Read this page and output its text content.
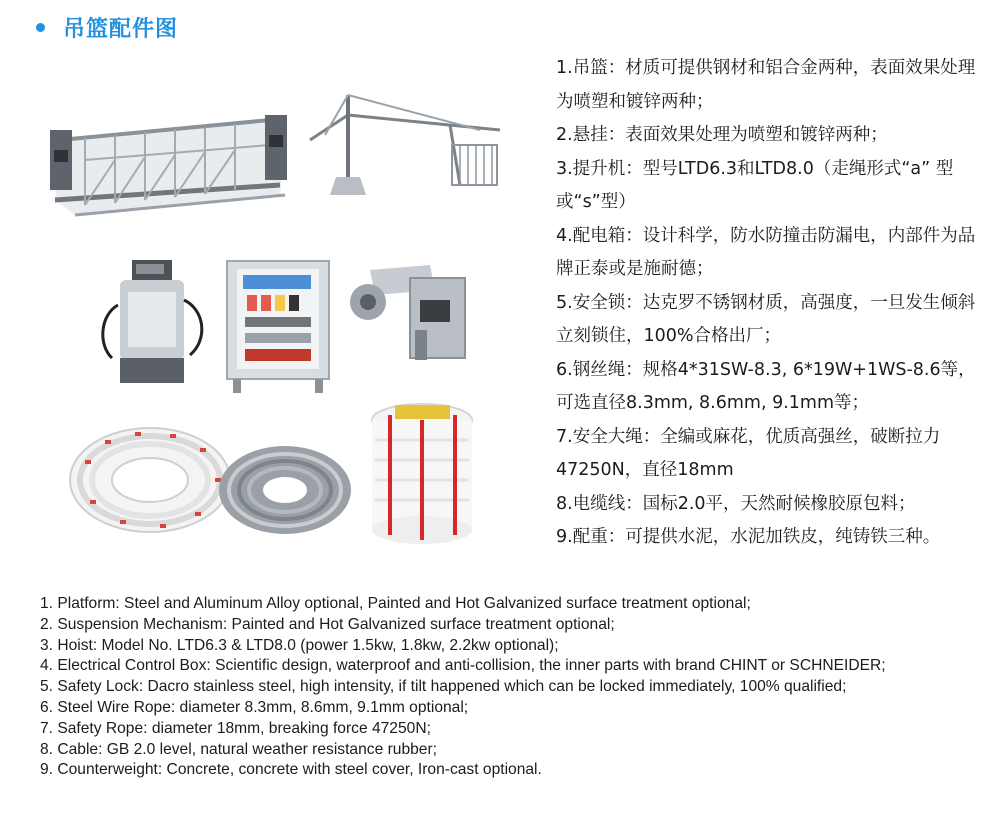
吊篮配件图
1.吊篮：材质可提供钢材和铝合金两种，表面效果处理为喷塑和镀锌两种；
2.悬挂：表面效果处理为喷塑和镀锌两种；
3.提升机：型号LTD6.3和LTD8.0（走绳形式“a” 型或“s”型）
4.配电箱：设计科学，防水防撞击防漏电，内部件为品牌正泰或是施耐德；
5.安全锁：达克罗不锈钢材质，高强度，一旦发生倾斜立刻锁住，100%合格出厂；
6.钢丝绳：规格4*31SW-8.3, 6*19W+1WS-8.6等，可选直径8.3mm, 8.6mm, 9.1mm等；
7.安全大绳：全编或麻花，优质高强丝，破断拉力47250N，直径18mm
8.电缆线：国标2.0平，天然耐候橡胶原包料；
9.配重：可提供水泥，水泥加铁皮，纯铸铁三种。
1. Platform: Steel and Aluminum Alloy optional, Painted and Hot Galvanized surface treatment optional;
2. Suspension Mechanism: Painted and Hot Galvanized surface treatment optional;
3. Hoist: Model No. LTD6.3 & LTD8.0 (power 1.5kw, 1.8kw, 2.2kw optional);
4. Electrical Control Box: Scientific design, waterproof and anti-collision, the inner parts with brand CHINT or SCHNEIDER;
5. Safety Lock: Dacro stainless steel, high intensity, if tilt happened which can be locked immediately, 100% qualified;
6. Steel Wire Rope: diameter 8.3mm, 8.6mm, 9.1mm optional;
7. Safety Rope: diameter 18mm, breaking force 47250N;
8. Cable: GB 2.0 level, natural weather resistance rubber;
9. Counterweight: Concrete, concrete with steel cover, Iron-cast optional.
